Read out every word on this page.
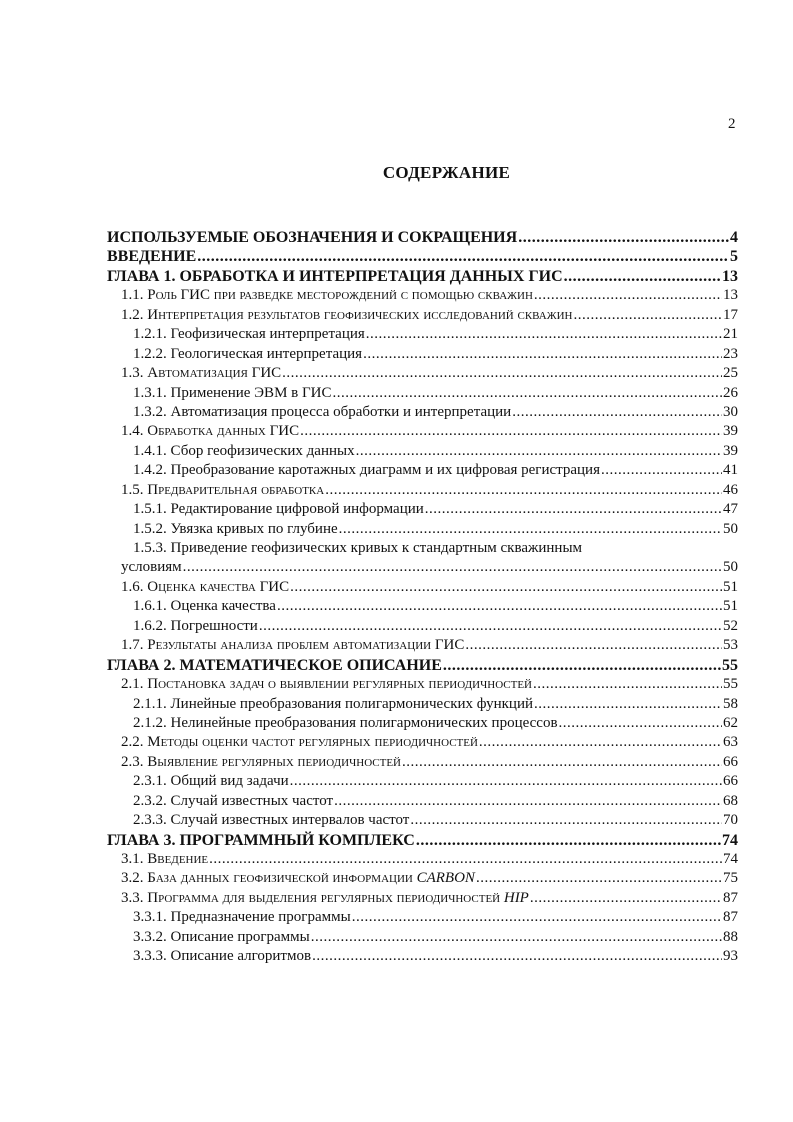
2
СОДЕРЖАНИЕ
ИСПОЛЬЗУЕМЫЕ ОБОЗНАЧЕНИЯ И СОКРАЩЕНИЯ .....	4
ВВЕДЕНИЕ .....	5
ГЛАВА 1. ОБРАБОТКА И ИНТЕРПРЕТАЦИЯ ДАННЫХ ГИС .....	13
1.1. Роль ГИС при разведке месторождений с помощью скважин .....	13
1.2. Интерпретация результатов геофизических исследований скважин .....	17
1.2.1. Геофизическая интерпретация .....	21
1.2.2. Геологическая интерпретация .....	23
1.3. Автоматизация ГИС .....	25
1.3.1. Применение ЭВМ в ГИС .....	26
1.3.2. Автоматизация процесса обработки и интерпретации .....	30
1.4. Обработка данных ГИС .....	39
1.4.1. Сбор геофизических данных .....	39
1.4.2. Преобразование каротажных диаграмм и их цифровая регистрация .....	41
1.5. Предварительная обработка .....	46
1.5.1. Редактирование цифровой информации .....	47
1.5.2. Увязка кривых по глубине .....	50
1.5.3. Приведение геофизических кривых к стандартным скважинным
условиям .....	50
1.6. Оценка качества ГИС .....	51
1.6.1. Оценка качества .....	51
1.6.2. Погрешности .....	52
1.7. Результаты анализа проблем автоматизации ГИС .....	53
ГЛАВА 2. МАТЕМАТИЧЕСКОЕ ОПИСАНИЕ .....	55
2.1. Постановка задач о выявлении регулярных периодичностей .....	55
2.1.1. Линейные преобразования полигармонических функций .....	58
2.1.2. Нелинейные преобразования полигармонических процессов .....	62
2.2. Методы оценки частот регулярных периодичностей .....	63
2.3. Выявление регулярных периодичностей .....	66
2.3.1. Общий вид задачи .....	66
2.3.2. Случай известных частот .....	68
2.3.3. Случай известных интервалов частот .....	70
ГЛАВА 3. ПРОГРАММНЫЙ КОМПЛЕКС .....	74
3.1. Введение .....	74
3.2. База данных геофизической информации CARBON .....	75
3.3. Программа для выделения регулярных периодичностей HIP .....	87
3.3.1. Предназначение программы .....	87
3.3.2. Описание программы .....	88
3.3.3. Описание алгоритмов .....	93
